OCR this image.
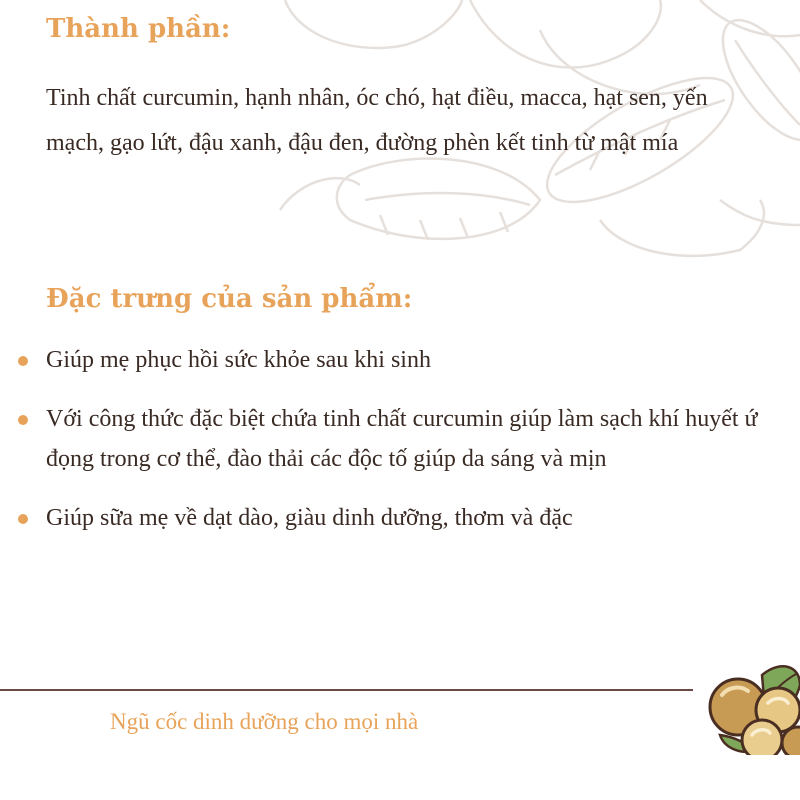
Thành phần:

Tinh chất curcumin, hạnh nhân, óc chó, hạt điều, macca, hạt sen, yến mạch, gạo lứt, đậu xanh, đậu đen, đường phèn kết tinh từ mật mía

Đặc trưng của sản phẩm:
Giúp mẹ phục hồi sức khỏe sau khi sinh
Với công thức đặc biệt chứa tinh chất curcumin giúp làm sạch khí huyết ứ đọng trong cơ thể, đào thải các độc tố giúp da sáng và mịn
Giúp sữa mẹ về dạt dào, giàu dinh dưỡng, thơm và đặc

Ngũ cốc dinh dưỡng cho mọi nhà
